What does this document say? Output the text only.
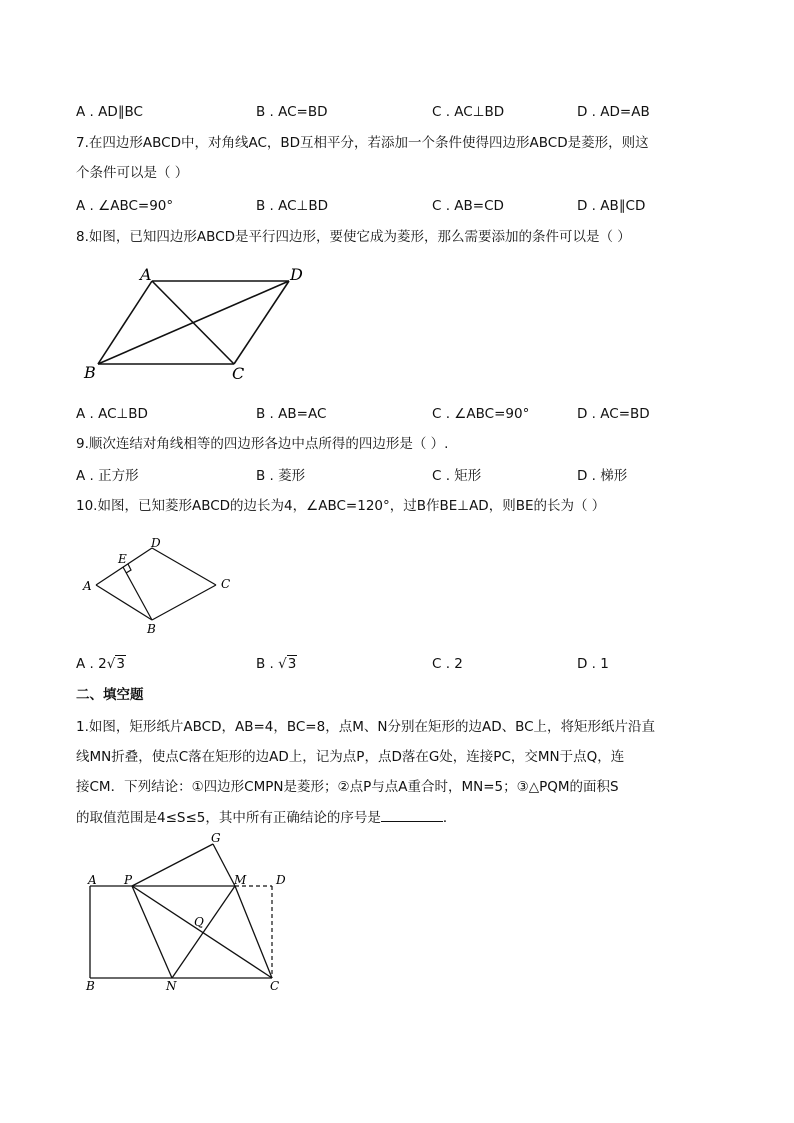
A . AD∥BC	B . AC=BD	C . AC⊥BD	D . AD=AB
7.在四边形ABCD中，对角线AC，BD互相平分，若添加一个条件使得四边形ABCD是菱形，则这
个条件可以是（ ）
A . ∠ABC=90°	B . AC⊥BD	C . AB=CD	D . AB∥CD
8.如图，已知四边形ABCD是平行四边形，要使它成为菱形，那么需要添加的条件可以是（ ）
A	D
B	C
A . AC⊥BD	B . AB=AC	C . ∠ABC=90°	D . AC=BD
9.顺次连结对角线相等的四边形各边中点所得的四边形是（ ）.
A . 正方形	B . 菱形	C . 矩形	D . 梯形
10.如图，已知菱形ABCD的边长为4，∠ABC=120°，过B作BE⊥AD，则BE的长为（ ）
E
D
A	C
B
A . 2√3	B . √3	C . 2	D . 1
二、填空题
1.如图，矩形纸片ABCD，AB=4，BC=8，点M、N分别在矩形的边AD、BC上，将矩形纸片沿直
线MN折叠，使点C落在矩形的边AD上，记为点P，点D落在G处，连接PC，交MN于点Q，连
接CM．下列结论：①四边形CMPN是菱形；②点P与点A重合时，MN=5；③△PQM的面积S
的取值范围是4≤S≤5，其中所有正确结论的序号是	．
G
A P	M D
Q
B	N	C
